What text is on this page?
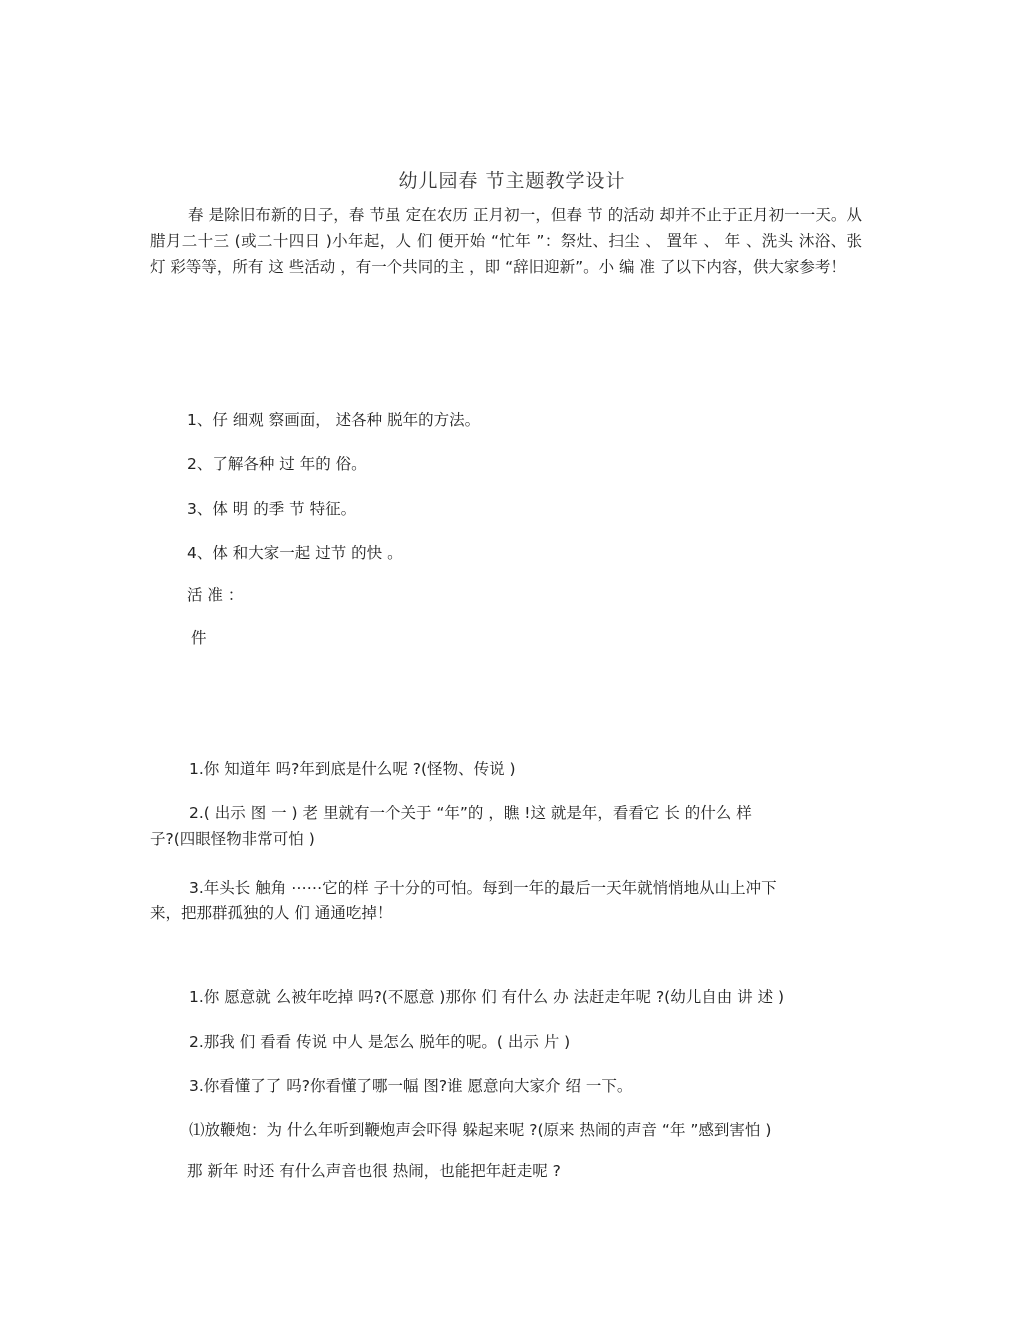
幼儿园春 节主题教学设计
春 是除旧布新的日子，春 节虽 定在农历 正月初一，但春 节 的活动 却并不止于正月初一一天。从腊月二十三 (或二十四日 )小年起，人 们 便开始 “忙年 ”：祭灶、扫尘 、 置年 、 年 、洗头 沐浴、张 灯 彩等等，所有 这 些活动 ，有一个共同的主 ，即 “辞旧迎新”。小 编 准 了以下内容，供大家参考！
1、仔 细观 察画面， 述各种 脱年的方法。
2、了解各种 过 年的 俗。
3、体 明 的季 节 特征。
4、体 和大家一起 过节 的快 。
活 准 ：
件
1.你 知道年 吗?年到底是什么呢 ?(怪物、传说 )
2.( 出示 图 一 ) 老 里就有一个关于 “年”的 ，瞧 !这 就是年，看看它 长 的什么 样
子?(四眼怪物非常可怕 )
3.年头长 触角 ⋯⋯它的样 子十分的可怕。每到一年的最后一天年就悄悄地从山上冲下
来，把那群孤独的人 们 通通吃掉！
1.你 愿意就 么被年吃掉 吗?(不愿意 )那你 们 有什么 办 法赶走年呢 ?(幼儿自由 讲 述 )
2.那我 们 看看 传说 中人 是怎么 脱年的呢。( 出示 片 )
3.你看懂了了 吗?你看懂了哪一幅 图?谁 愿意向大家介 绍 一下。
⑴放鞭炮：为 什么年听到鞭炮声会吓得 躲起来呢 ?(原来 热闹的声音 “年 ”感到害怕 )
那 新年 时还 有什么声音也很 热闹，也能把年赶走呢 ?
